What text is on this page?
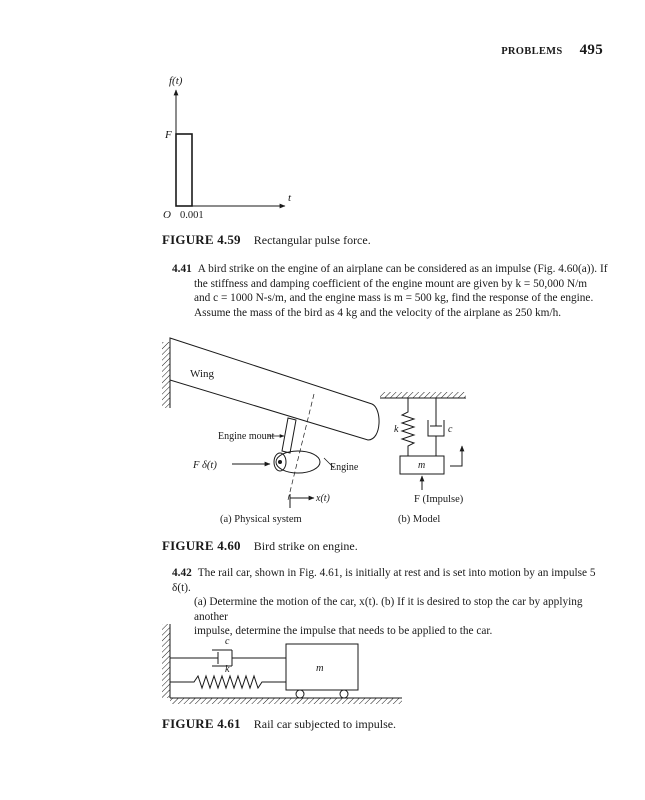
PROBLEMS 495
f(t)
F
t
O 0.001
FIGURE 4.59 Rectangular pulse force.

4.41 A bird strike on the engine of an airplane can be considered as an impulse (Fig. 4.60(a)). If

the stiffness and damping coefficient of the engine mount are given by k = 50,000 N/m

and c = 1000 N-s/m, and the engine mass is m = 500 kg, find the response of the engine.

Assume the mass of the bird as 4 kg and the velocity of the airplane as 250 km/h.

Wing
Engine mount
F δ(t)	Engine
x(t)
(a) Physical system
k	c
m
F (Impulse)
(b) Model
FIGURE 4.60 Bird strike on engine.

4.42 The rail car, shown in Fig. 4.61, is initially at rest and is set into motion by an impulse 5 δ(t).

(a) Determine the motion of the car, x(t). (b) If it is desired to stop the car by applying another

impulse, determine the impulse that needs to be applied to the car.

c
k	m
FIGURE 4.61 Rail car subjected to impulse.
